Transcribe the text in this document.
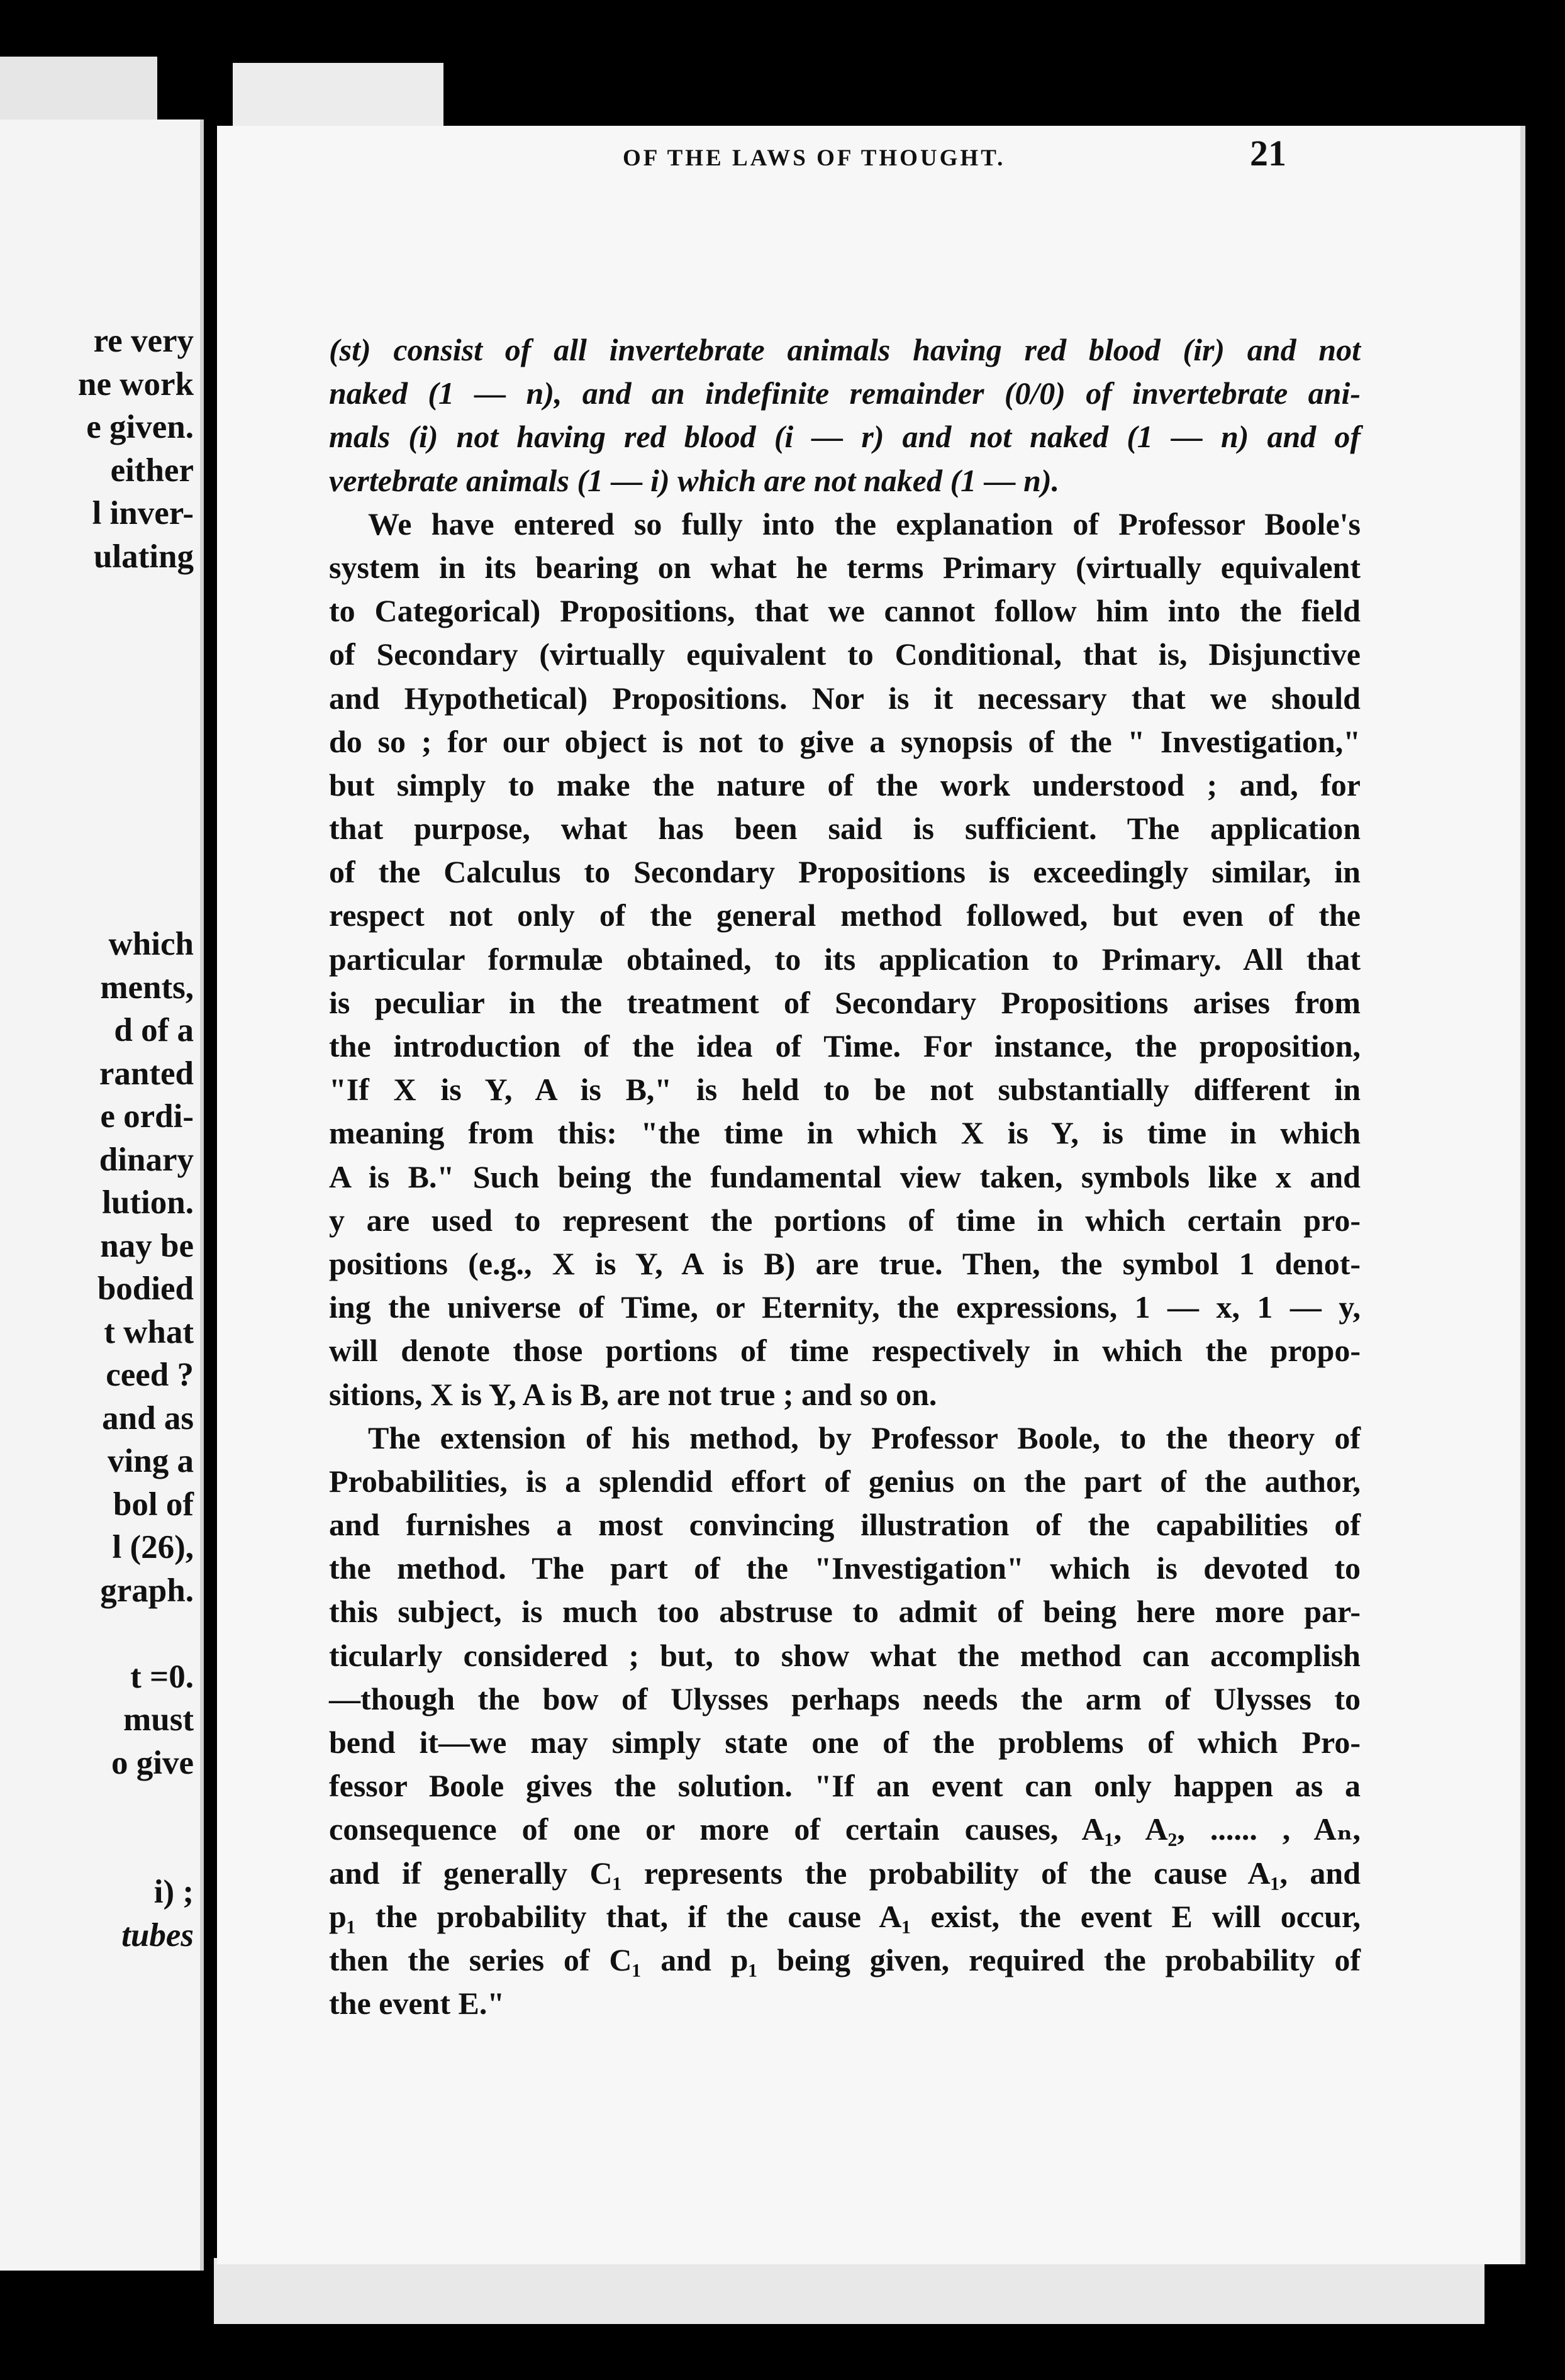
re very
ne work
e given.
either
l inver-
ulating
which
ments,
d of a
ranted
e ordi-
dinary
lution.
nay be
bodied
t what
ceed ?
and as
ving a
bol of
l (26),
graph.
t =0.
must
o give
i) ;
tubes
OF THE LAWS OF THOUGHT.	21
(st) consist of all invertebrate animals having red blood (ir) and not
naked (1 — n), and an indefinite remainder (0/0) of invertebrate ani-
mals (i) not having red blood (i — r) and not naked (1 — n) and of
vertebrate animals (1 — i) which are not naked (1 — n).
We have entered so fully into the explanation of Professor Boole's
system in its bearing on what he terms Primary (virtually equivalent
to Categorical) Propositions, that we cannot follow him into the field
of Secondary (virtually equivalent to Conditional, that is, Disjunctive
and Hypothetical) Propositions. Nor is it necessary that we should
do so ; for our object is not to give a synopsis of the " Investigation,"
but simply to make the nature of the work understood ; and, for
that purpose, what has been said is sufficient. The application
of the Calculus to Secondary Propositions is exceedingly similar, in
respect not only of the general method followed, but even of the
particular formulæ obtained, to its application to Primary. All that
is peculiar in the treatment of Secondary Propositions arises from
the introduction of the idea of Time. For instance, the proposition,
"If X is Y, A is B," is held to be not substantially different in
meaning from this: "the time in which X is Y, is time in which
A is B." Such being the fundamental view taken, symbols like x and
y are used to represent the portions of time in which certain pro-
positions (e.g., X is Y, A is B) are true. Then, the symbol 1 denot-
ing the universe of Time, or Eternity, the expressions, 1 — x, 1 — y,
will denote those portions of time respectively in which the propo-
sitions, X is Y, A is B, are not true ; and so on.
The extension of his method, by Professor Boole, to the theory of
Probabilities, is a splendid effort of genius on the part of the author,
and furnishes a most convincing illustration of the capabilities of
the method. The part of the "Investigation" which is devoted to
this subject, is much too abstruse to admit of being here more par-
ticularly considered ; but, to show what the method can accomplish
—though the bow of Ulysses perhaps needs the arm of Ulysses to
bend it—we may simply state one of the problems of which Pro-
fessor Boole gives the solution. "If an event can only happen as a
consequence of one or more of certain causes, A₁, A₂, ...... , Aₙ,
and if generally C₁ represents the probability of the cause A₁, and
p₁ the probability that, if the cause A₁ exist, the event E will occur,
then the series of C₁ and p₁ being given, required the probability of
the event E."
